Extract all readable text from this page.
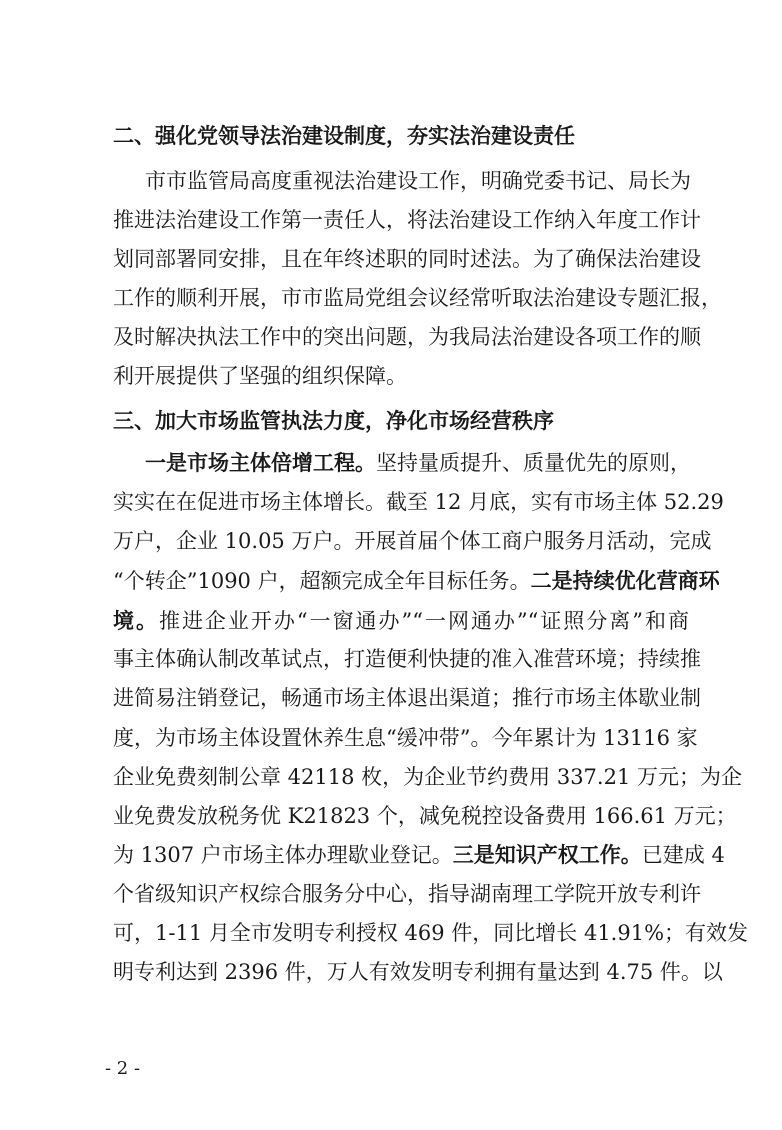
二、强化党领导法治建设制度，夯实法治建设责任
市市监管局高度重视法治建设工作，明确党委书记、局长为
推进法治建设工作第一责任人，将法治建设工作纳入年度工作计
划同部署同安排，且在年终述职的同时述法。为了确保法治建设
工作的顺利开展，市市监局党组会议经常听取法治建设专题汇报，
及时解决执法工作中的突出问题，为我局法治建设各项工作的顺
利开展提供了坚强的组织保障。
三、加大市场监管执法力度，净化市场经营秩序
一是市场主体倍增工程。坚持量质提升、质量优先的原则，
实实在在促进市场主体增长。截至 12 月底，实有市场主体 52.29
万户，企业 10.05 万户。开展首届个体工商户服务月活动，完成
“个转企”1090 户，超额完成全年目标任务。二是持续优化营商环
境。推进企业开办“一窗通办”“一网通办”“证照分离”和商
事主体确认制改革试点，打造便利快捷的准入准营环境；持续推
进简易注销登记，畅通市场主体退出渠道；推行市场主体歇业制
度，为市场主体设置休养生息“缓冲带”。今年累计为 13116 家
企业免费刻制公章 42118 枚，为企业节约费用 337.21 万元；为企
业免费发放税务优 K21823 个，减免税控设备费用 166.61 万元；
为 1307 户市场主体办理歇业登记。三是知识产权工作。已建成 4
个省级知识产权综合服务分中心，指导湖南理工学院开放专利许
可，1-11 月全市发明专利授权 469 件，同比增长 41.91%；有效发
明专利达到 2396 件，万人有效发明专利拥有量达到 4.75 件。以
- 2 -
